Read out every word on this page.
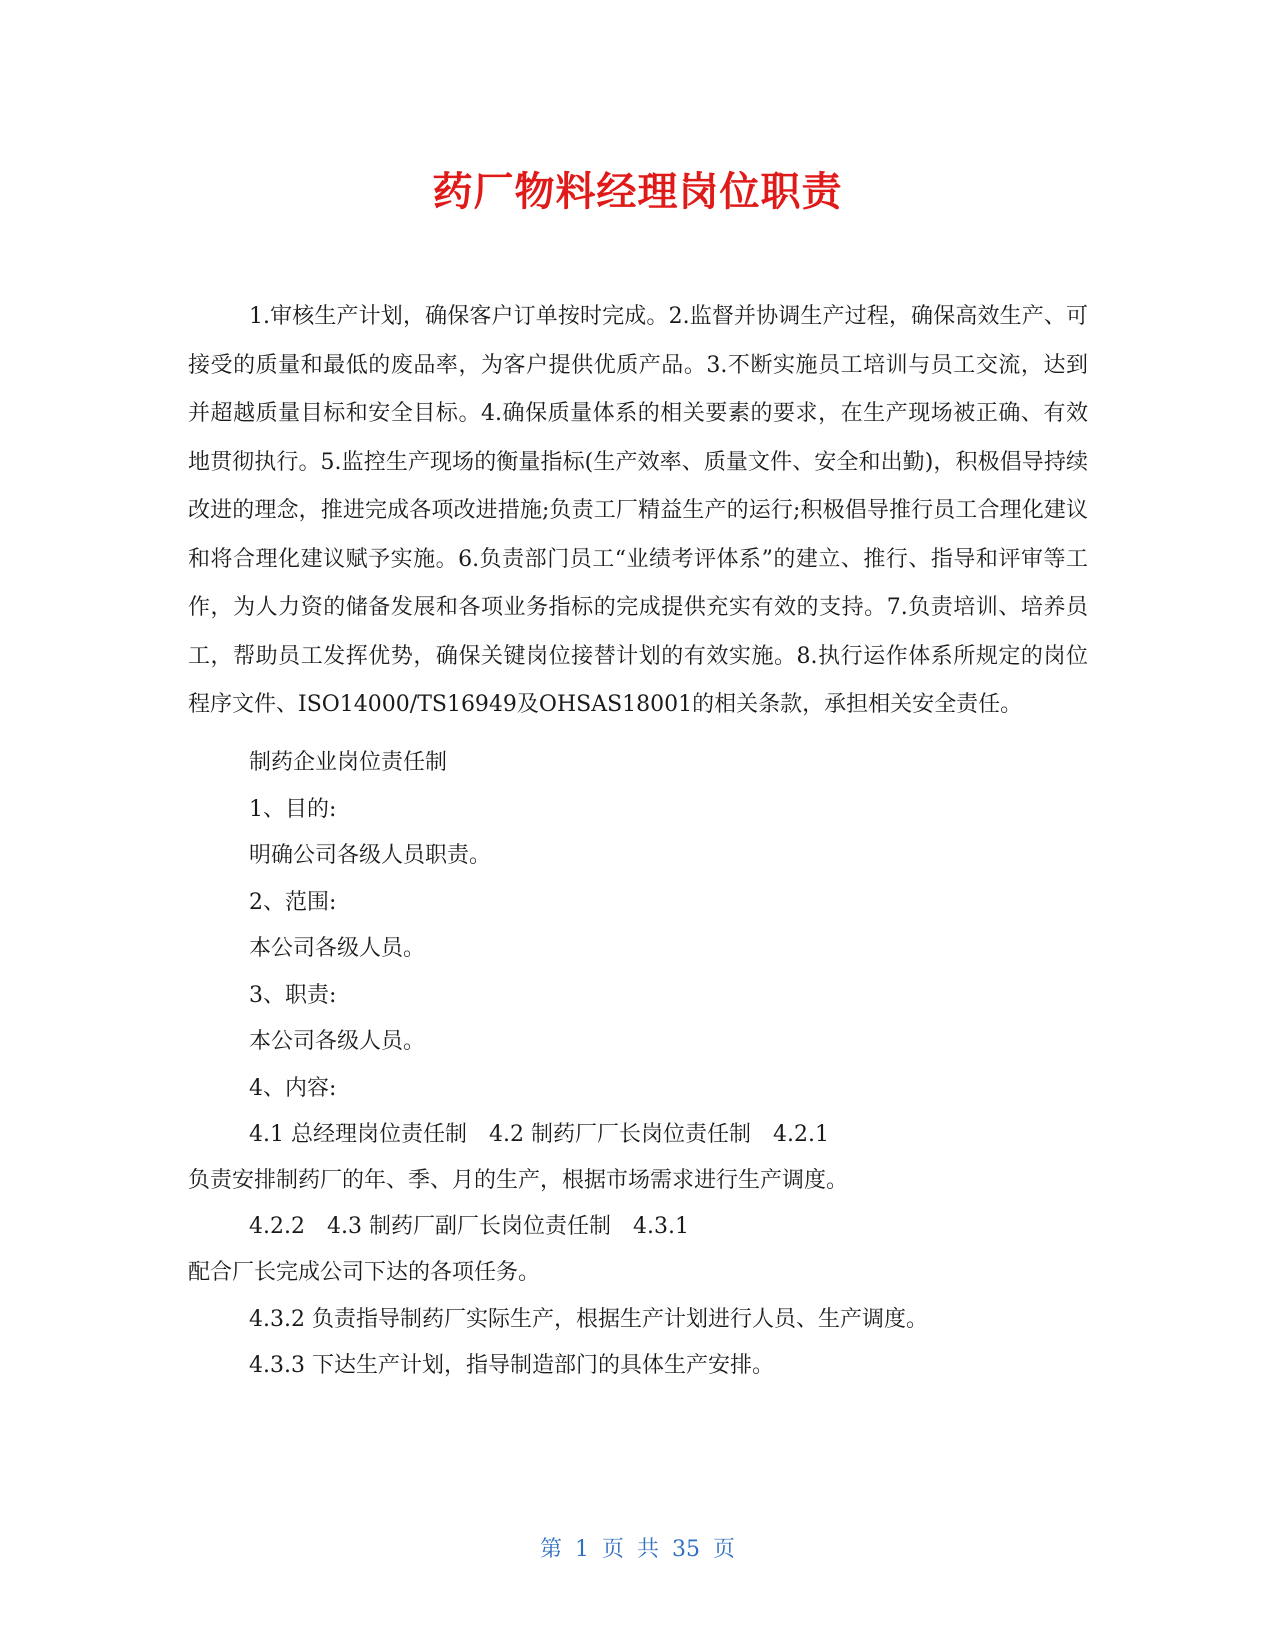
药厂物料经理岗位职责

1.审核生产计划，确保客户订单按时完成。2.监督并协调生产过程，确保高效生产、可接受的质量和最低的废品率，为客户提供优质产品。3.不断实施员工培训与员工交流，达到并超越质量目标和安全目标。4.确保质量体系的相关要素的要求，在生产现场被正确、有效地贯彻执行。5.监控生产现场的衡量指标(生产效率、质量文件、安全和出勤)，积极倡导持续改进的理念，推进完成各项改进措施;负责工厂精益生产的运行;积极倡导推行员工合理化建议和将合理化建议赋予实施。6.负责部门员工“业绩考评体系”的建立、推行、指导和评审等工作，为人力资的储备发展和各项业务指标的完成提供充实有效的支持。7.负责培训、培养员工，帮助员工发挥优势，确保关键岗位接替计划的有效实施。8.执行运作体系所规定的岗位程序文件、ISO14000/TS16949及OHSAS18001的相关条款，承担相关安全责任。

制药企业岗位责任制

1、目的:

明确公司各级人员职责。

2、范围:

本公司各级人员。

3、职责:

本公司各级人员。

4、内容:

4.1 总经理岗位责任制　4.2 制药厂厂长岗位责任制　4.2.1

负责安排制药厂的年、季、月的生产，根据市场需求进行生产调度。

4.2.2　4.3 制药厂副厂长岗位责任制　4.3.1

配合厂长完成公司下达的各项任务。

4.3.2 负责指导制药厂实际生产，根据生产计划进行人员、生产调度。

4.3.3 下达生产计划，指导制造部门的具体生产安排。

第 1 页 共 35 页
